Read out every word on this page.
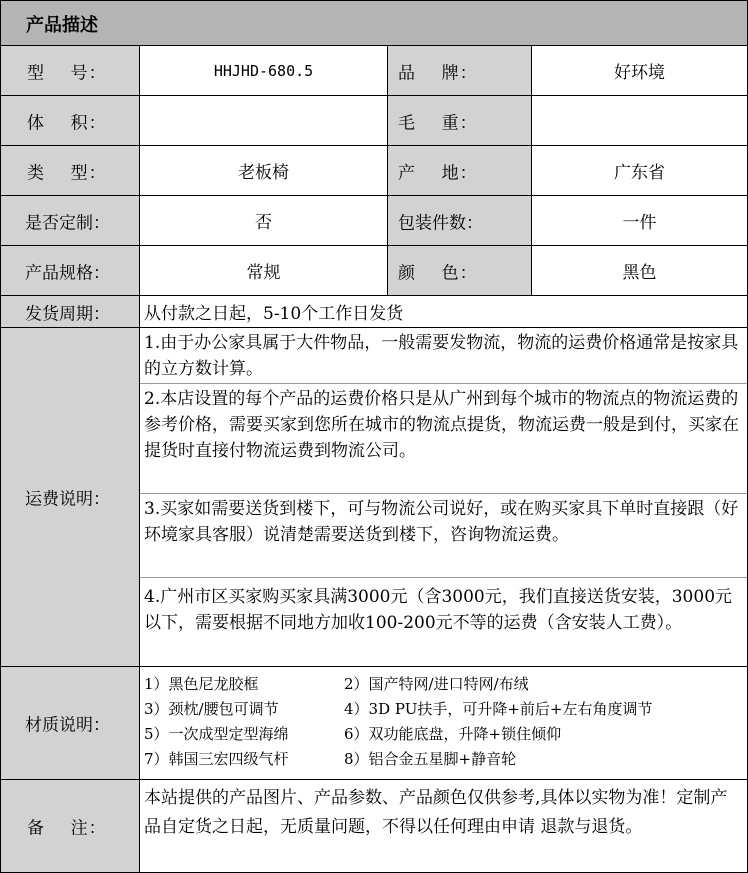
产品描述
型    号：	HHJHD-680.5	品    牌：	好环境
体    积：	毛    重：
类    型：	老板椅	产    地：	广东省
是否定制：	否	包装件数：	一件
产品规格：	常规	颜    色：	黑色
发货周期： 从付款之日起，5-10个工作日发货
运费说明：
1.由于办公家具属于大件物品，一般需要发物流，物流的运费价格通常是按家具的立方数计算。
2.本店设置的每个产品的运费价格只是从广州到每个城市的物流点的物流运费的参考价格，需要买家到您所在城市的物流点提货，物流运费一般是到付，买家在提货时直接付物流运费到物流公司。
3.买家如需要送货到楼下，可与物流公司说好，或在购买家具下单时直接跟（好环境家具客服）说清楚需要送货到楼下，咨询物流运费。
4.广州市区买家购买家具满3000元（含3000元，我们直接送货安装，3000元以下，需要根据不同地方加收100-200元不等的运费（含安装人工费）。
材质说明：
1）黑色尼龙胶框	2）国产特网/进口特网/布绒
3）颈枕/腰包可调节	4）3D PU扶手，可升降+前后+左右角度调节
5）一次成型定型海绵	6）双功能底盘，升降+锁住倾仰
7）韩国三宏四级气杆	8）铝合金五星脚+静音轮
备    注：
本站提供的产品图片、产品参数、产品颜色仅供参考,具体以实物为准！定制产品自定货之日起，无质量问题，不得以任何理由申请 退款与退货。
